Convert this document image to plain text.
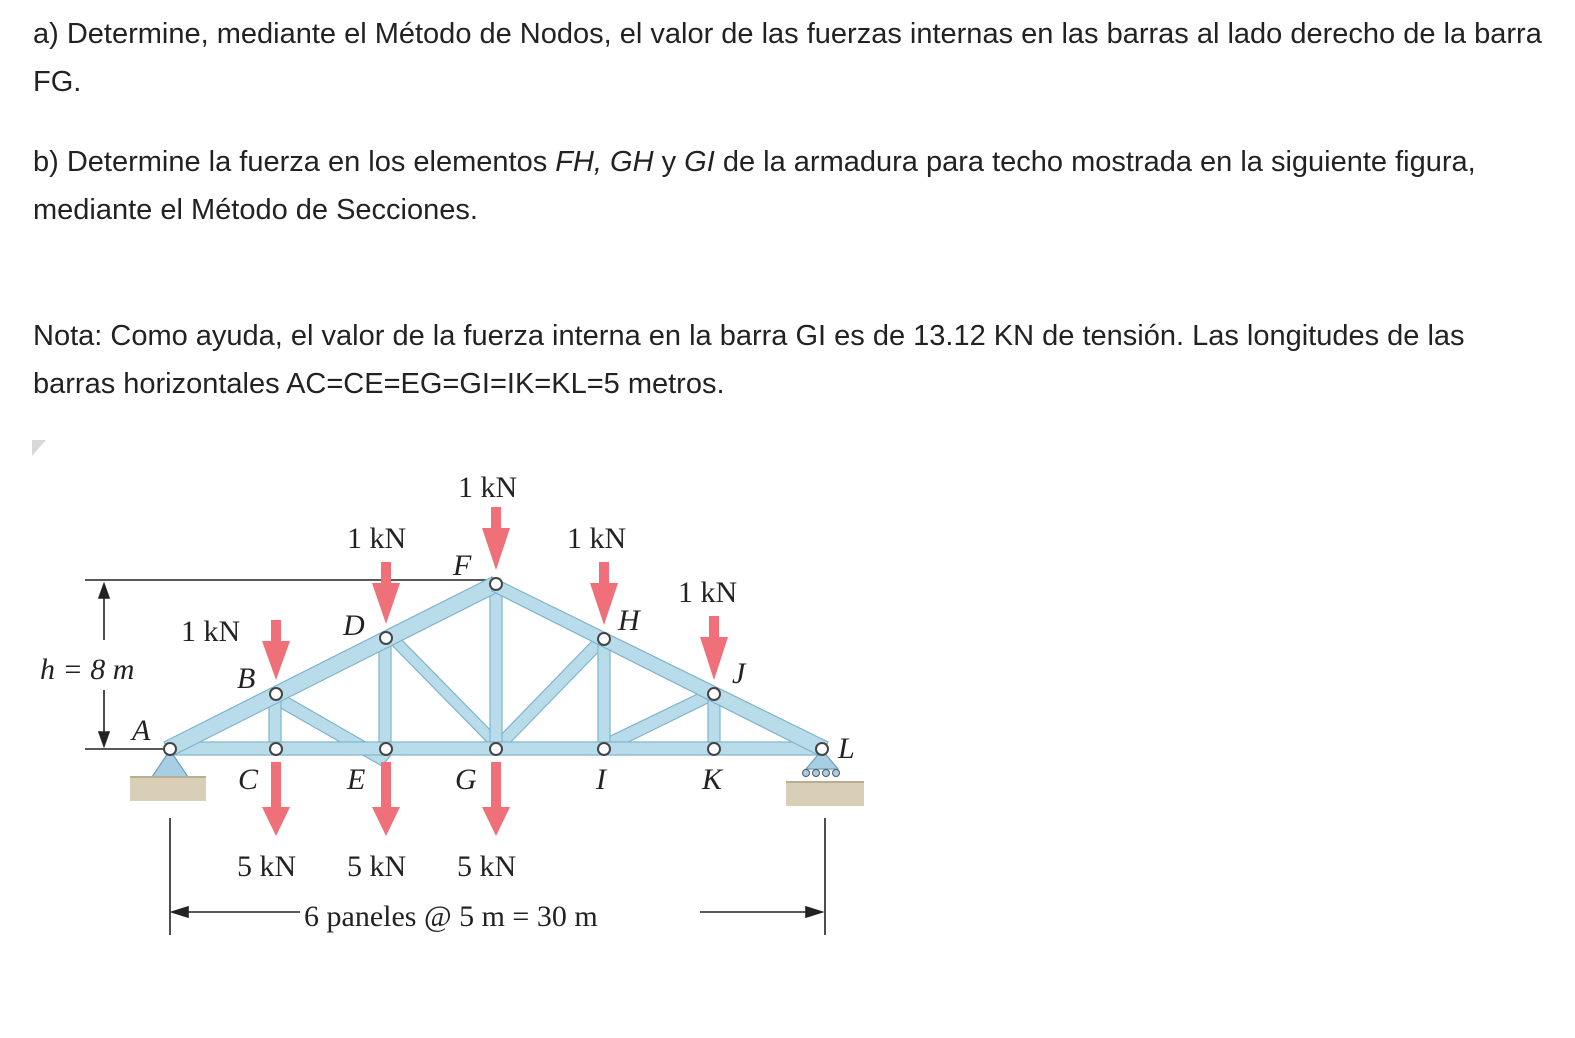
a) Determine, mediante el Método de Nodos, el valor de las fuerzas internas en las barras al lado derecho de la barra FG.

b) Determine la fuerza en los elementos FH, GH y GI de la armadura para techo mostrada en la siguiente figura, mediante el Método de Secciones.

Nota: Como ayuda, el valor de la fuerza interna en la barra GI es de 13.12 KN de tensión. Las longitudes de las barras horizontales AC=CE=EG=GI=IK=KL=5 metros.

1 kN
1 kN	1 kN
1 kN
1 kN
5 kN 5 kN 5 kN
h = 8 m
6 paneles @ 5 m = 30 m
A
B
C
D
E
F
G
H
I
J
K
L
